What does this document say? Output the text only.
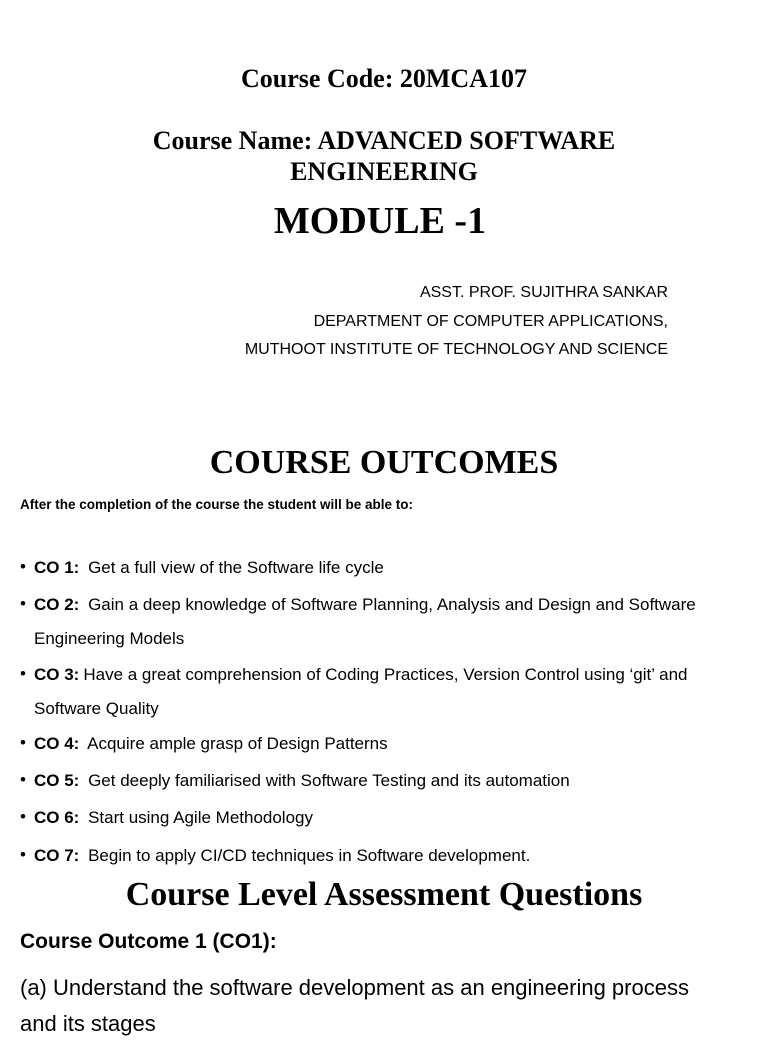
Course Code: 20MCA107
Course Name: ADVANCED SOFTWARE ENGINEERING
MODULE -1
ASST. PROF. SUJITHRA SANKAR
DEPARTMENT OF COMPUTER APPLICATIONS,
MUTHOOT INSTITUTE OF TECHNOLOGY AND SCIENCE
COURSE OUTCOMES
After the completion of the course the student will be able to:
• CO 1: Get a full view of the Software life cycle
• CO 2: Gain a deep knowledge of Software Planning, Analysis and Design and Software Engineering Models
• CO 3: Have a great comprehension of Coding Practices, Version Control using ‘git’ and Software Quality
• CO 4: Acquire ample grasp of Design Patterns
• CO 5: Get deeply familiarised with Software Testing and its automation
• CO 6: Start using Agile Methodology
• CO 7: Begin to apply CI/CD techniques in Software development.
Course Level Assessment Questions
Course Outcome 1 (CO1):
(a) Understand the software development as an engineering process and its stages
